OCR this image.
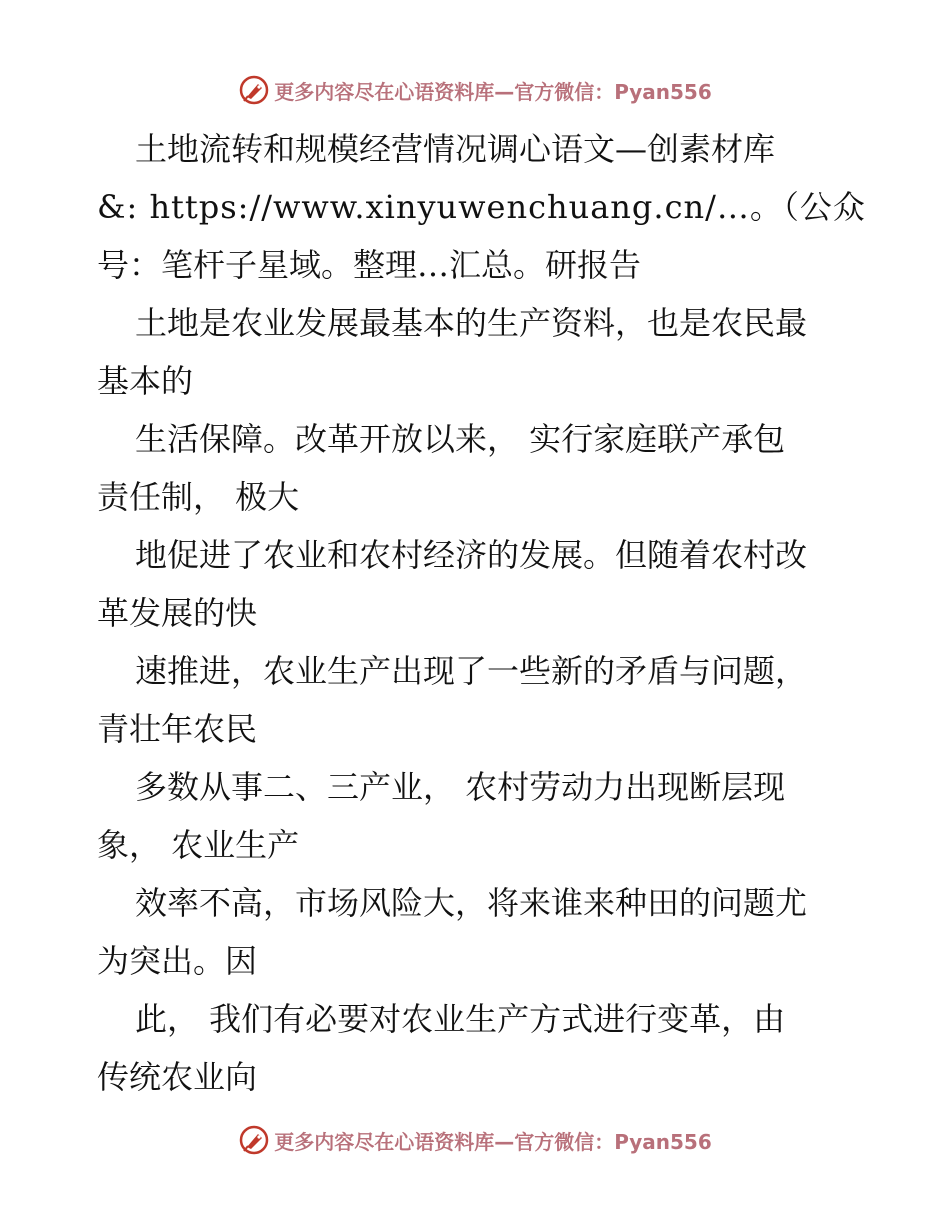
更多内容尽在心语资料库—官方微信：Pyan556
土地流转和规模经营情况调心语文—创素材库
&: https://www.xinyuwenchuang.cn/…。（公众
号：笔杆子星域。整理…汇总。研报告
土地是农业发展最基本的生产资料，也是农民最
基本的
生活保障。改革开放以来， 实行家庭联产承包
责任制， 极大
地促进了农业和农村经济的发展。但随着农村改
革发展的快
速推进，农业生产出现了一些新的矛盾与问题，
青壮年农民
多数从事二、三产业， 农村劳动力出现断层现
象， 农业生产
效率不高，市场风险大，将来谁来种田的问题尤
为突出。因
此， 我们有必要对农业生产方式进行变革，由
传统农业向
更多内容尽在心语资料库—官方微信：Pyan556
